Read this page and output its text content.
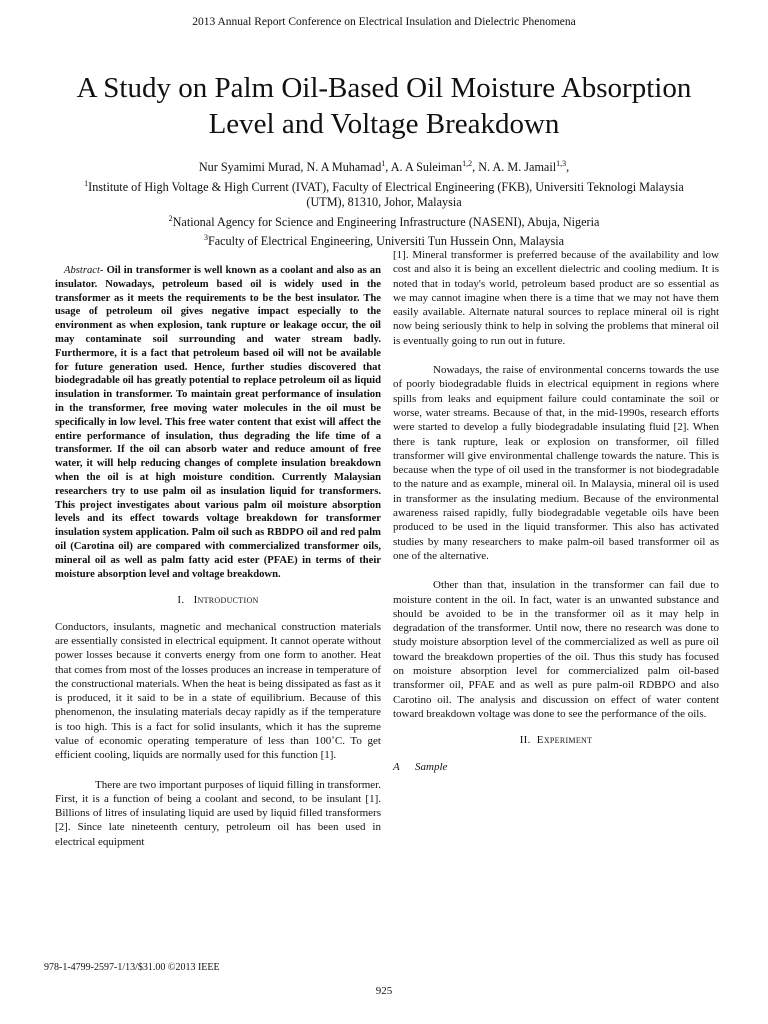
2013 Annual Report Conference on Electrical Insulation and Dielectric Phenomena
A Study on Palm Oil-Based Oil Moisture Absorption
Level and Voltage Breakdown
Nur Syamimi Murad, N. A Muhamad$^1$, A. A Suleiman$^{1,2}$, N. A. M. Jamail$^{1,3}$,
$^1$Institute of High Voltage & High Current (IVAT), Faculty of Electrical Engineering (FKB), Universiti Teknologi Malaysia
(UTM), 81310, Johor, Malaysia
$^2$National Agency for Science and Engineering Infrastructure (NASENI), Abuja, Nigeria
$^3$Faculty of Electrical Engineering, Universiti Tun Hussein Onn, Malaysia

Abstract- Oil in transformer is well known as a coolant and also as an insulator. Nowadays, petroleum based oil is widely used in the transformer as it meets the requirements to be the best insulator. The usage of petroleum oil gives negative impact especially to the environment as when explosion, tank rupture or leakage occur, the oil may contaminate soil surrounding and water stream badly. Furthermore, it is a fact that petroleum based oil will not be available for future generation used. Hence, further studies discovered that biodegradable oil has greatly potential to replace petroleum oil as liquid insulation in transformer. To maintain great performance of insulation in the transformer, free moving water molecules in the oil must be specifically in low level. This free water content that exist will affect the entire performance of insulation, thus degrading the life time of a transformer. If the oil can absorb water and reduce amount of free water, it will help reducing changes of complete insulation breakdown when the oil is at high moisture condition. Currently Malaysian researchers try to use palm oil as insulation liquid for transformers. This project investigates about various palm oil moisture absorption levels and its effect towards voltage breakdown for transformer insulation system application. Palm oil such as RBDPO oil and red palm oil (Carotina oil) are compared with commercialized transformer oils, mineral oil as well as palm fatty acid ester (PFAE) in terms of their moisture absorption level and voltage breakdown.

I. Introduction

Conductors, insulants, magnetic and mechanical construction materials are essentially consisted in electrical equipment. It cannot operate without power losses because it converts energy from one form to another. Heat that comes from most of the losses produces an increase in temperature of the constructional materials. When the heat is being dissipated as fast as it is produced, it it said to be in a state of equilibrium. Because of this phenomenon, the insulating materials decay rapidly as if the temperature is too high. This is a fact for solid insulants, which it has the supreme value of economic operating temperature of less than 100˚C. To get efficient cooling, liquids are normally used for this function [1].

There are two important purposes of liquid filling in transformer. First, it is a function of being a coolant and second, to be insulant [1]. Billions of litres of insulating liquid are used by liquid filled transformers [2]. Since late nineteenth century, petroleum oil has been used in electrical equipment

[1]. Mineral transformer is preferred because of the availability and low cost and also it is being an excellent dielectric and cooling medium. It is noted that in today's world, petroleum based product are so essential as we may cannot imagine when there is a time that we may not have them easily available. Alternate natural sources to replace mineral oil is right now being seriously think to help in solving the problems that mineral oil is eventually going to run out in future.

Nowadays, the raise of environmental concerns towards the use of poorly biodegradable fluids in electrical equipment in regions where spills from leaks and equipment failure could contaminate the soil or worse, water streams. Because of that, in the mid-1990s, research efforts were started to develop a fully biodegradable insulating fluid [2]. When there is tank rupture, leak or explosion on transformer, oil filled transformer will give environmental challenge towards the nature. This is because when the type of oil used in the transformer is not biodegradable to the nature and as example, mineral oil. In Malaysia, mineral oil is used in transformer as the insulating medium. Because of the environmental awareness raised rapidly, fully biodegradable vegetable oils have been produced to be used in the liquid transformer. This also has activated studies by many researchers to make palm-oil based transformer oil as one of the alternative.

Other than that, insulation in the transformer can fail due to moisture content in the oil. In fact, water is an unwanted substance and should be avoided to be in the transformer oil as it may help in degradation of the transformer. Until now, there no research was done to study moisture absorption level of the commercialized as well as pure oil toward the breakdown properties of the oil. Thus this study has focused on moisture absorption level for commercialized palm oil-based transformer oil, PFAE and as well as pure palm-oil RDBPO and also Carotino oil. The analysis and discussion on effect of water content toward breakdown voltage was done to see the performance of the oils.

II. Experiment

A Sample

978-1-4799-2597-1/13/$31.00 ©2013 IEEE
925
